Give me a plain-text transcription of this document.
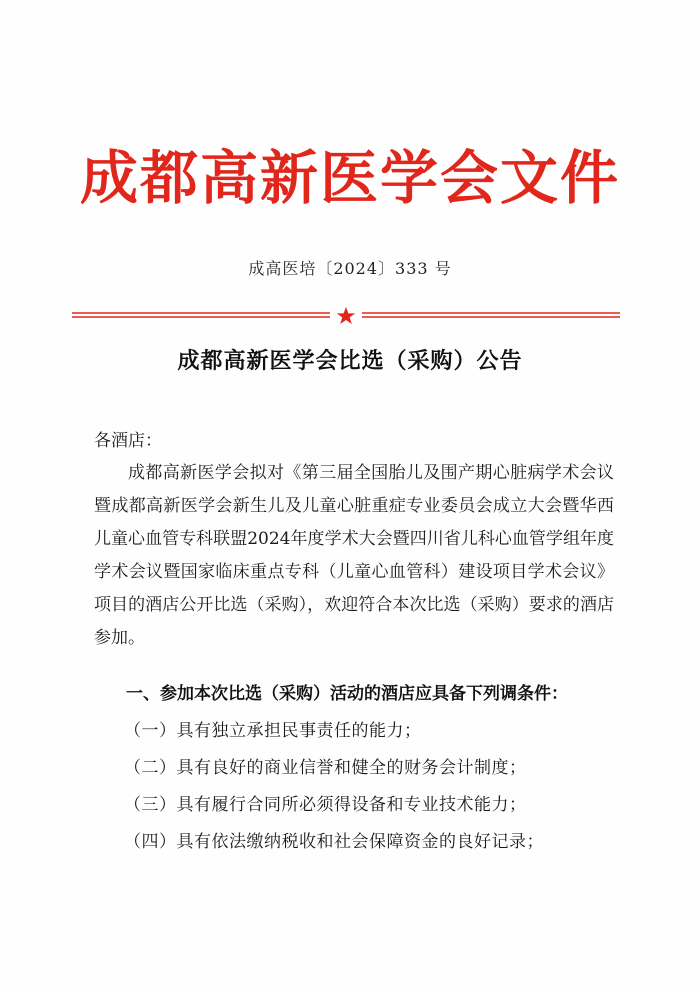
成都高新医学会文件
成高医培〔2024〕333 号
成都高新医学会比选（采购）公告
各酒店：
成都高新医学会拟对《第三届全国胎儿及围产期心脏病学术会议暨成都高新医学会新生儿及儿童心脏重症专业委员会成立大会暨华西儿童心血管专科联盟2024年度学术大会暨四川省儿科心血管学组年度学术会议暨国家临床重点专科（儿童心血管科）建设项目学术会议》项目的酒店公开比选（采购），欢迎符合本次比选（采购）要求的酒店参加。
一、参加本次比选（采购）活动的酒店应具备下列调条件：
（一）具有独立承担民事责任的能力；
（二）具有良好的商业信誉和健全的财务会计制度；
（三）具有履行合同所必须得设备和专业技术能力；
（四）具有依法缴纳税收和社会保障资金的良好记录；
